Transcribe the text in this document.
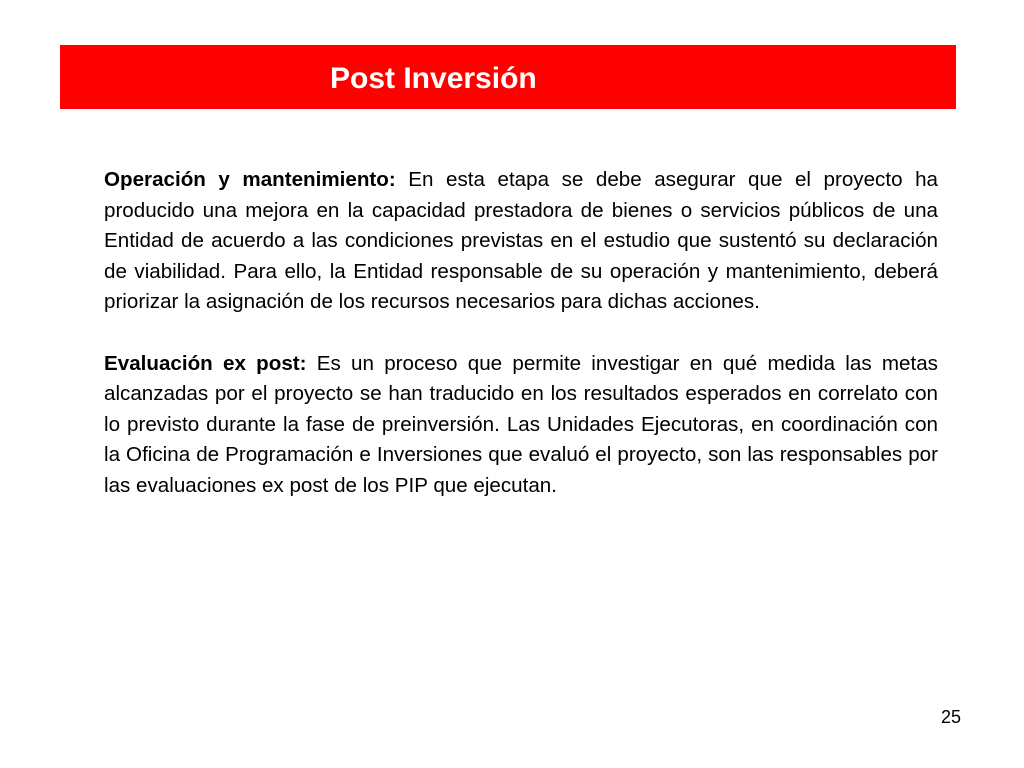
Post Inversión

Operación y mantenimiento: En esta etapa se debe asegurar que el proyecto ha producido una mejora en la capacidad prestadora de bienes o servicios públicos de una Entidad de acuerdo a las condiciones previstas en el estudio que sustentó su declaración de viabilidad. Para ello, la Entidad responsable de su operación y mantenimiento, deberá priorizar la asignación de los recursos necesarios para dichas acciones.

Evaluación ex post: Es un proceso que permite investigar en qué medida las metas alcanzadas por el proyecto se han traducido en los resultados esperados en correlato con lo previsto durante la fase de preinversión. Las Unidades Ejecutoras, en coordinación con la Oficina de Programación e Inversiones que evaluó el proyecto, son las responsables por las evaluaciones ex post de los PIP que ejecutan.

25
